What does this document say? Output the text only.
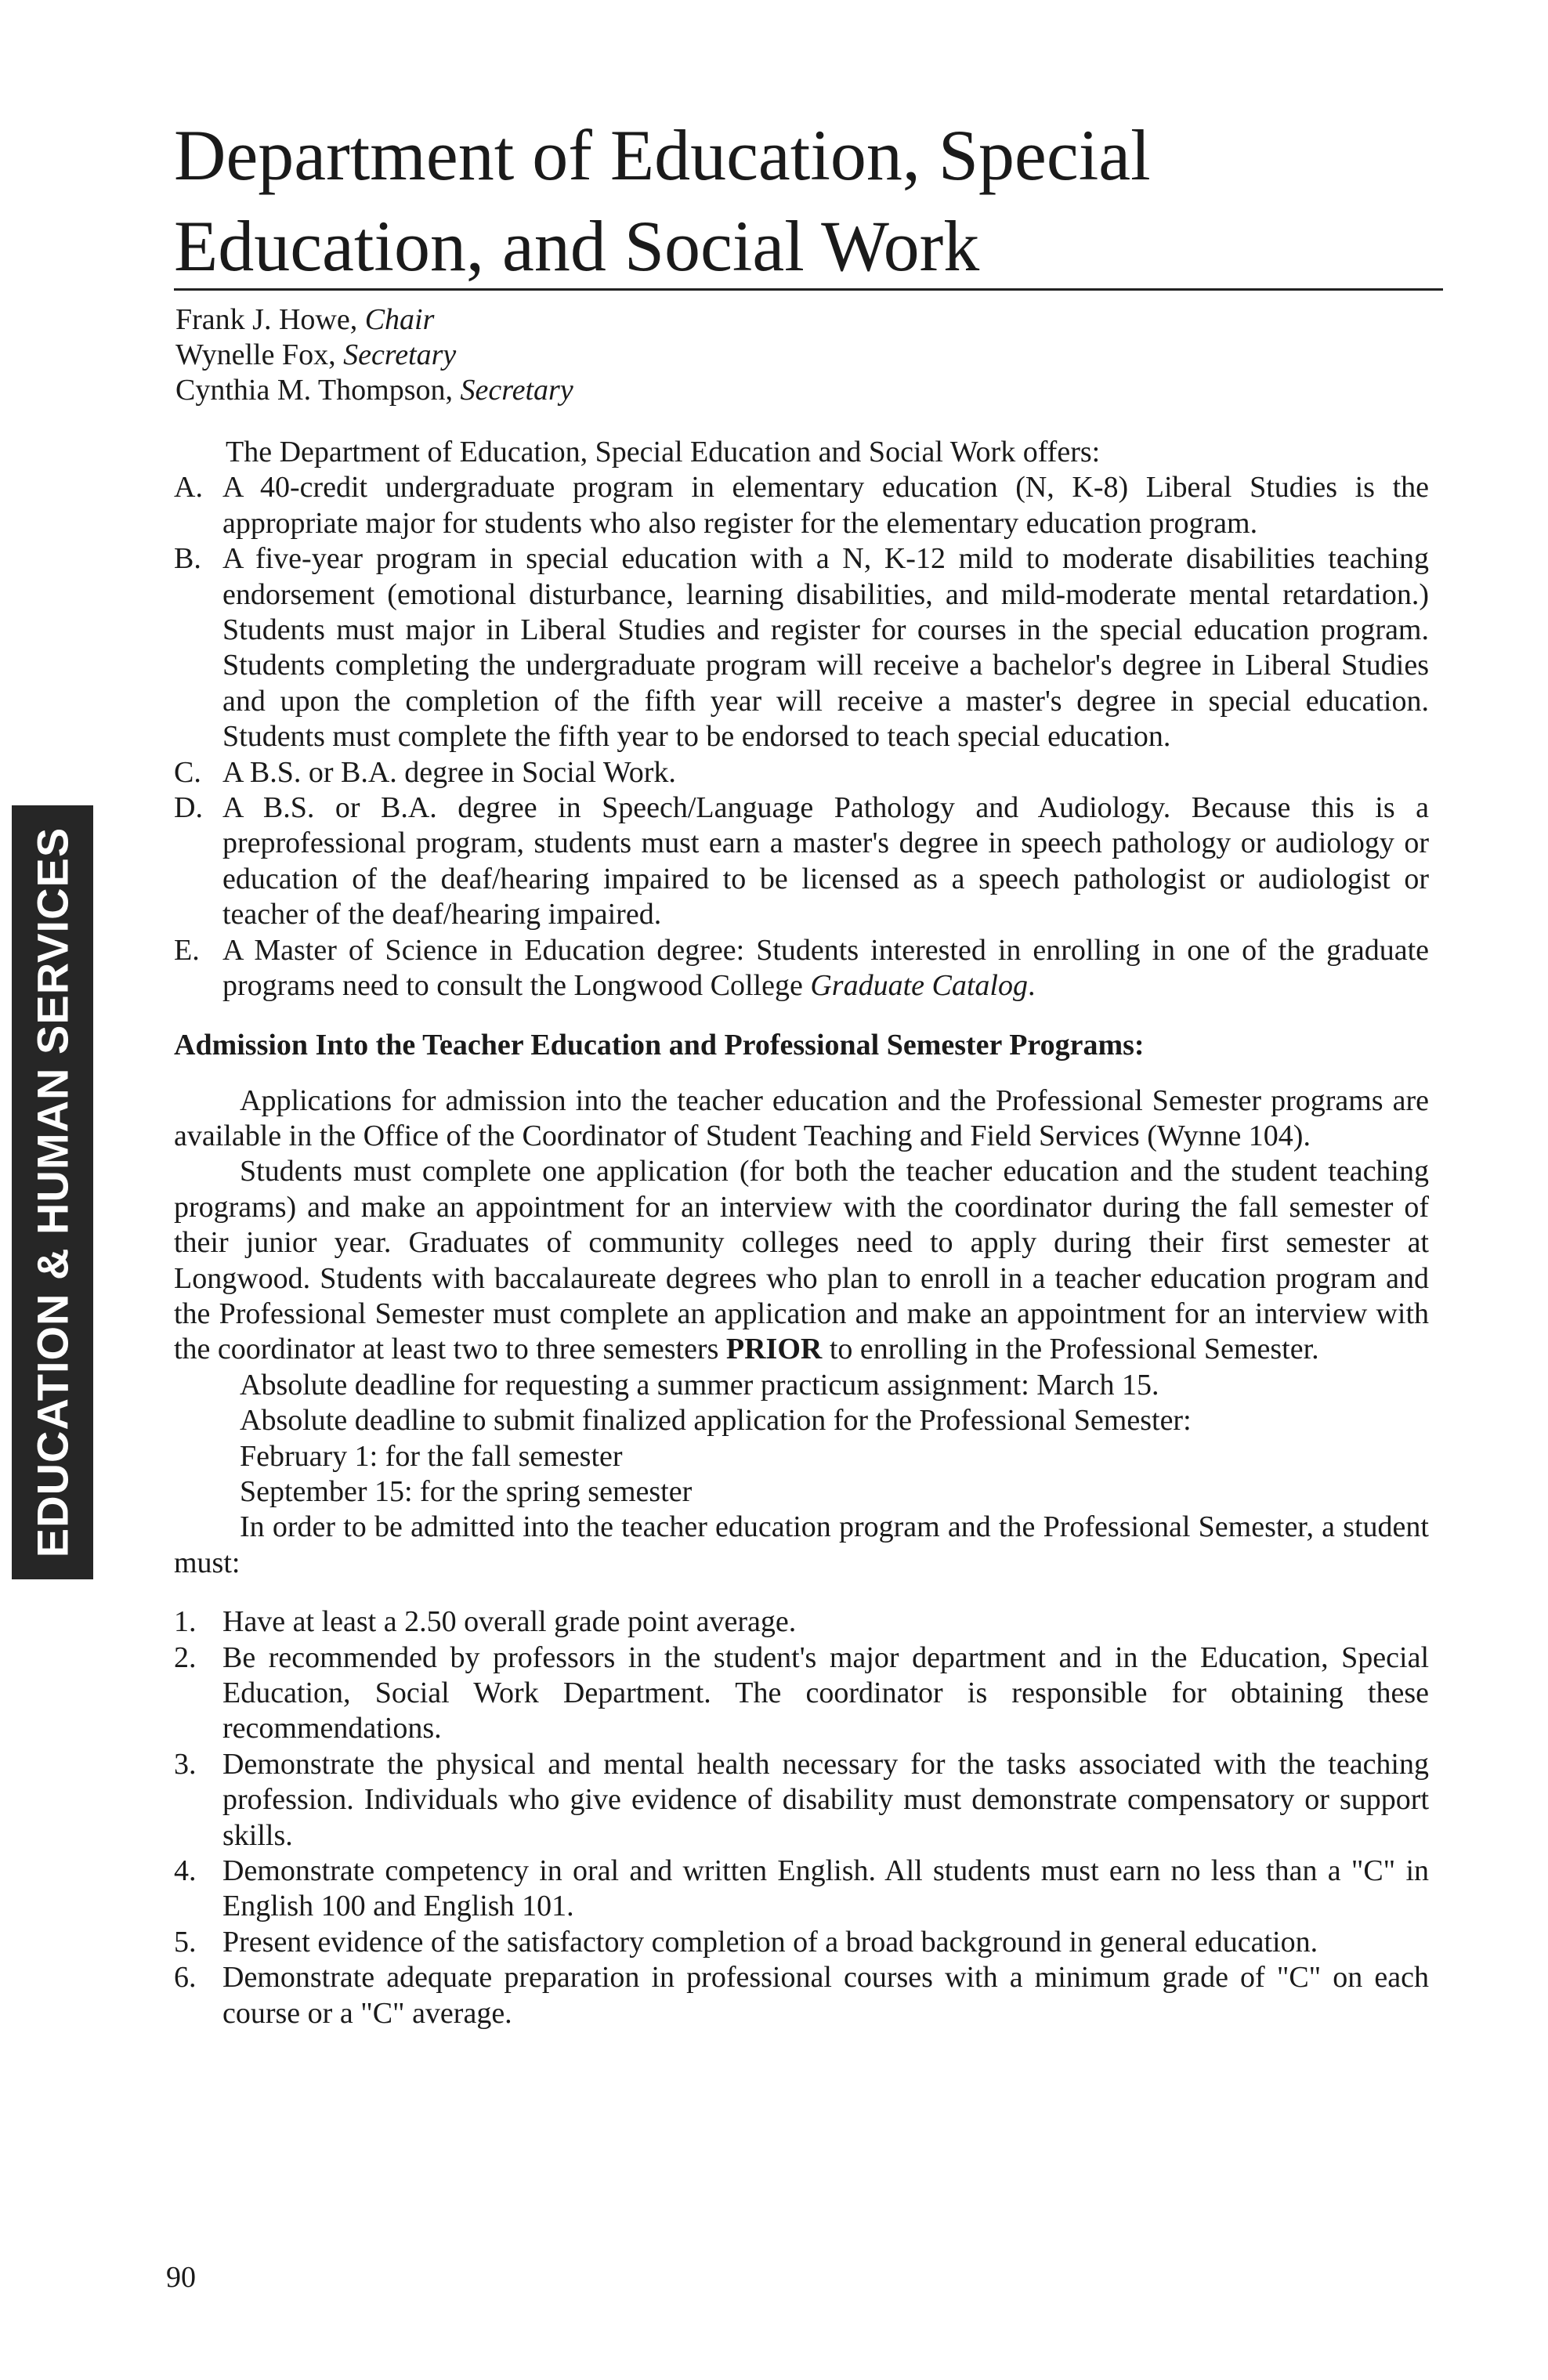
EDUCATION & HUMAN SERVICES
Department of Education, Special Education, and Social Work
Frank J. Howe, Chair
Wynelle Fox, Secretary
Cynthia M. Thompson, Secretary

The Department of Education, Special Education and Social Work offers:

A. A 40-credit undergraduate program in elementary education (N, K-8) Liberal Studies is the appropriate major for students who also register for the elementary education program.
B. A five-year program in special education with a N, K-12 mild to moderate disabilities teaching endorsement (emotional disturbance, learning disabilities, and mild-moderate mental retardation.) Students must major in Liberal Studies and register for courses in the special education program. Students completing the undergraduate program will receive a bachelor's degree in Liberal Studies and upon the completion of the fifth year will receive a master's degree in special education. Students must complete the fifth year to be endorsed to teach special education.
C. A B.S. or B.A. degree in Social Work.
D. A B.S. or B.A. degree in Speech/Language Pathology and Audiology. Because this is a preprofessional program, students must earn a master's degree in speech pathology or audiology or education of the deaf/hearing impaired to be licensed as a speech pathologist or audiologist or teacher of the deaf/hearing impaired.
E. A Master of Science in Education degree: Students interested in enrolling in one of the graduate programs need to consult the Longwood College Graduate Catalog.
Admission Into the Teacher Education and Professional Semester Programs:

Applications for admission into the teacher education and the Professional Semester programs are available in the Office of the Coordinator of Student Teaching and Field Services (Wynne 104).

Students must complete one application (for both the teacher education and the student teaching programs) and make an appointment for an interview with the coordinator during the fall semester of their junior year. Graduates of community colleges need to apply during their first semester at Longwood. Students with baccalaureate degrees who plan to enroll in a teacher education program and the Professional Semester must complete an application and make an appointment for an interview with the coordinator at least two to three semesters PRIOR to enrolling in the Professional Semester.

Absolute deadline for requesting a summer practicum assignment: March 15.

Absolute deadline to submit finalized application for the Professional Semester:

February 1: for the fall semester

September 15: for the spring semester

In order to be admitted into the teacher education program and the Professional Semester, a student must:

1. Have at least a 2.50 overall grade point average.
2. Be recommended by professors in the student's major department and in the Education, Special Education, Social Work Department. The coordinator is responsible for obtaining these recommendations.
3. Demonstrate the physical and mental health necessary for the tasks associated with the teaching profession. Individuals who give evidence of disability must demonstrate compensatory or support skills.
4. Demonstrate competency in oral and written English. All students must earn no less than a "C" in English 100 and English 101.
5. Present evidence of the satisfactory completion of a broad background in general education.
6. Demonstrate adequate preparation in professional courses with a minimum grade of "C" on each course or a "C" average.
90
